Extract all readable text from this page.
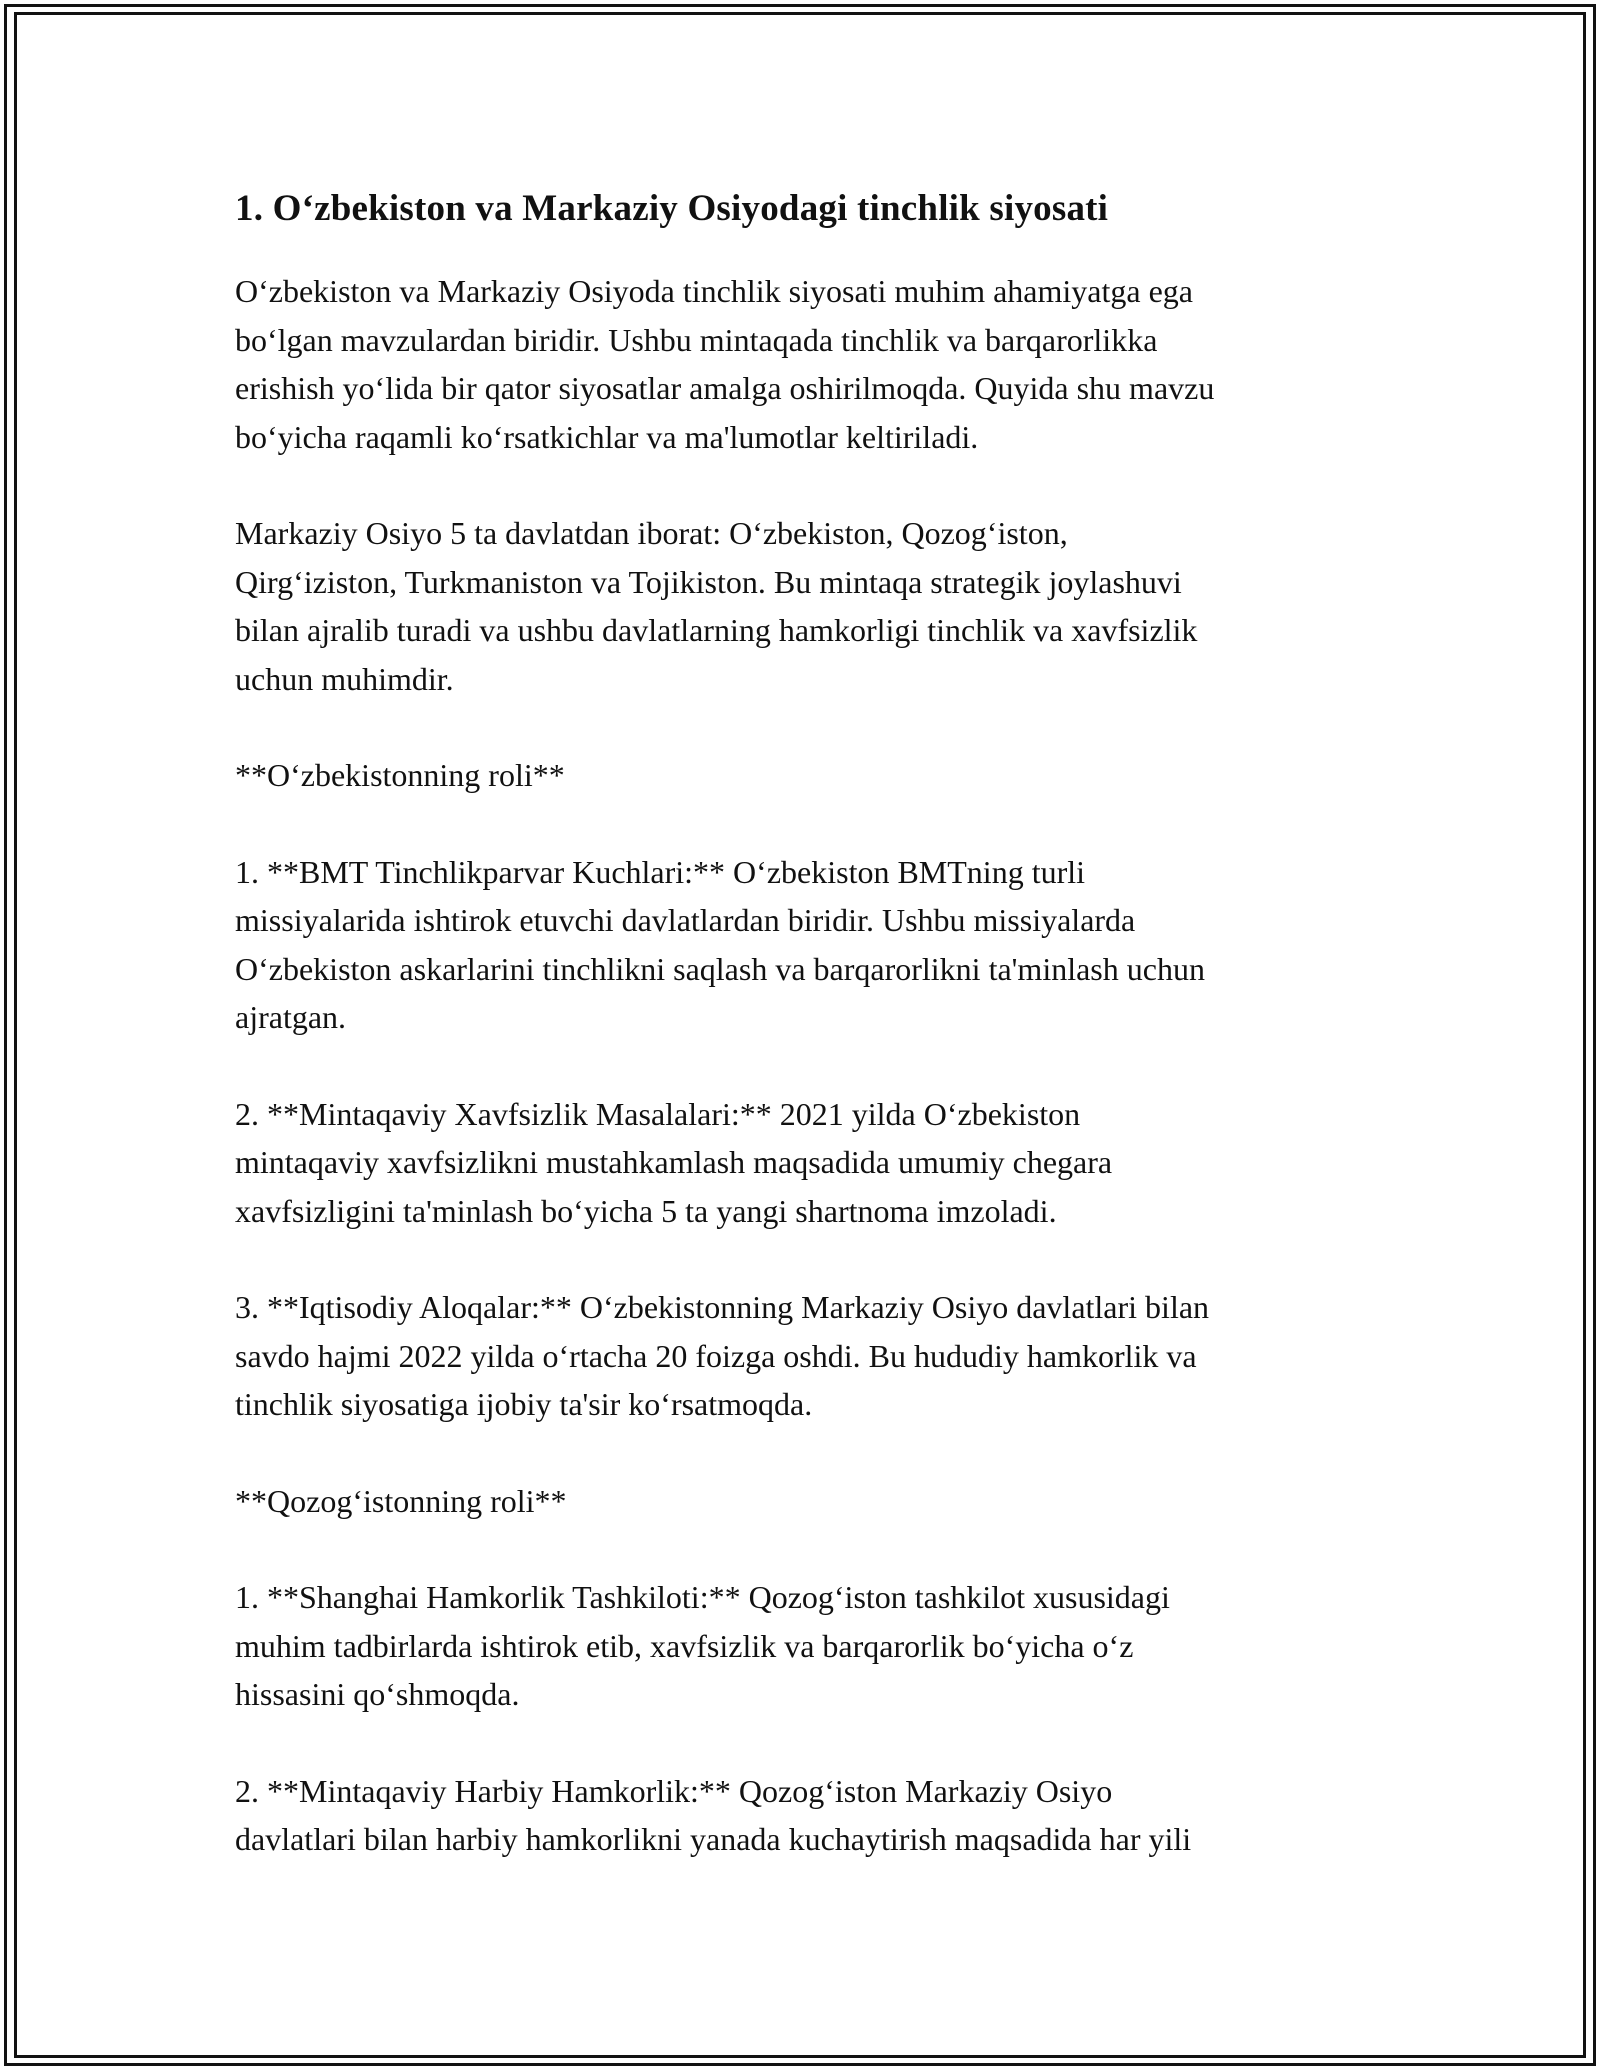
1. O‘zbekiston va Markaziy Osiyodagi tinchlik siyosati

O‘zbekiston va Markaziy Osiyoda tinchlik siyosati muhim ahamiyatga ega
bo‘lgan mavzulardan biridir. Ushbu mintaqada tinchlik va barqarorlikka
erishish yo‘lida bir qator siyosatlar amalga oshirilmoqda. Quyida shu mavzu
bo‘yicha raqamli ko‘rsatkichlar va ma'lumotlar keltiriladi.

Markaziy Osiyo 5 ta davlatdan iborat: O‘zbekiston, Qozog‘iston,
Qirg‘iziston, Turkmaniston va Tojikiston. Bu mintaqa strategik joylashuvi
bilan ajralib turadi va ushbu davlatlarning hamkorligi tinchlik va xavfsizlik
uchun muhimdir.

**O‘zbekistonning roli**

1. **BMT Tinchlikparvar Kuchlari:** O‘zbekiston BMTning turli
missiyalarida ishtirok etuvchi davlatlardan biridir. Ushbu missiyalarda
O‘zbekiston askarlarini tinchlikni saqlash va barqarorlikni ta'minlash uchun
ajratgan.

2. **Mintaqaviy Xavfsizlik Masalalari:** 2021 yilda O‘zbekiston
mintaqaviy xavfsizlikni mustahkamlash maqsadida umumiy chegara
xavfsizligini ta'minlash bo‘yicha 5 ta yangi shartnoma imzoladi.

3. **Iqtisodiy Aloqalar:** O‘zbekistonning Markaziy Osiyo davlatlari bilan
savdo hajmi 2022 yilda o‘rtacha 20 foizga oshdi. Bu hududiy hamkorlik va
tinchlik siyosatiga ijobiy ta'sir ko‘rsatmoqda.

**Qozog‘istonning roli**

1. **Shanghai Hamkorlik Tashkiloti:** Qozog‘iston tashkilot xususidagi
muhim tadbirlarda ishtirok etib, xavfsizlik va barqarorlik bo‘yicha o‘z
hissasini qo‘shmoqda.

2. **Mintaqaviy Harbiy Hamkorlik:** Qozog‘iston Markaziy Osiyo
davlatlari bilan harbiy hamkorlikni yanada kuchaytirish maqsadida har yili
